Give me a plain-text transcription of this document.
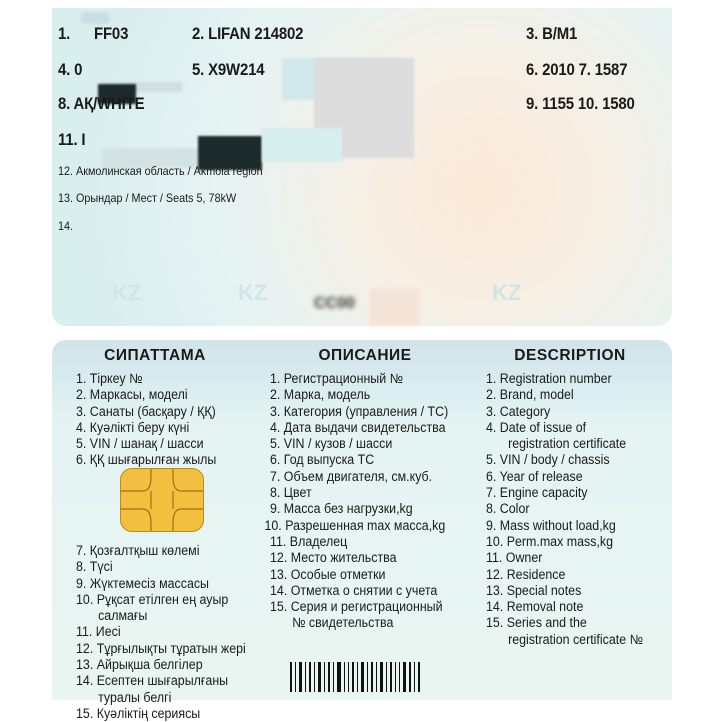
1.      FF03	2. LIFAN 214802	3. B/M1
4. 0	5. X9W214	6. 2010 7. 1587
8. AҚ/WHITE	9. 1155 10. 1580
11. I
12. Акмолинская область / Akmola region
13. Орындар / Мест / Seats 5, 78kW
14.
KZ	KZ	KZ
CC00
СИПАТТАМА	ОПИСАНИЕ	DESCRIPTION
1. Тіркеу №
2. Маркасы, моделі
3. Санаты (басқару / ҚҚ)
4. Куәлікті беру күні
5. VIN / шанақ / шасси
6. ҚҚ шығарылған жылы
7. Қозғалтқыш көлемі
8. Түсі
9. Жүктемесіз массасы
10. Рұқсат етілген ең ауыр
салмағы
11. Иесі
12. Тұрғылықты тұратын жері
13. Айрықша белгілер
14. Есептен шығарылғаны
туралы белгі
15. Куәліктің сериясы
1. Регистрационный №
2. Марка, модель
3. Категория (управления / ТС)
4. Дата выдачи свидетельства
5. VIN / кузов / шасси
6. Год выпуска ТС
7. Объем двигателя, см.куб.
8. Цвет
9. Масса без нагрузки,kg
10. Разрешенная max масса,kg
11. Владелец
12. Место жительства
13. Особые отметки
14. Отметка о снятии с учета
15. Серия и регистрационный
№ свидетельства
1. Registration number
2. Brand, model
3. Category
4. Date of issue of
registration certificate
5. VIN / body / chassis
6. Year of release
7. Engine capacity
8. Color
9. Mass without load,kg
10. Perm.max mass,kg
11. Owner
12. Residence
13. Special notes
14. Removal note
15. Series and the
registration certificate №
